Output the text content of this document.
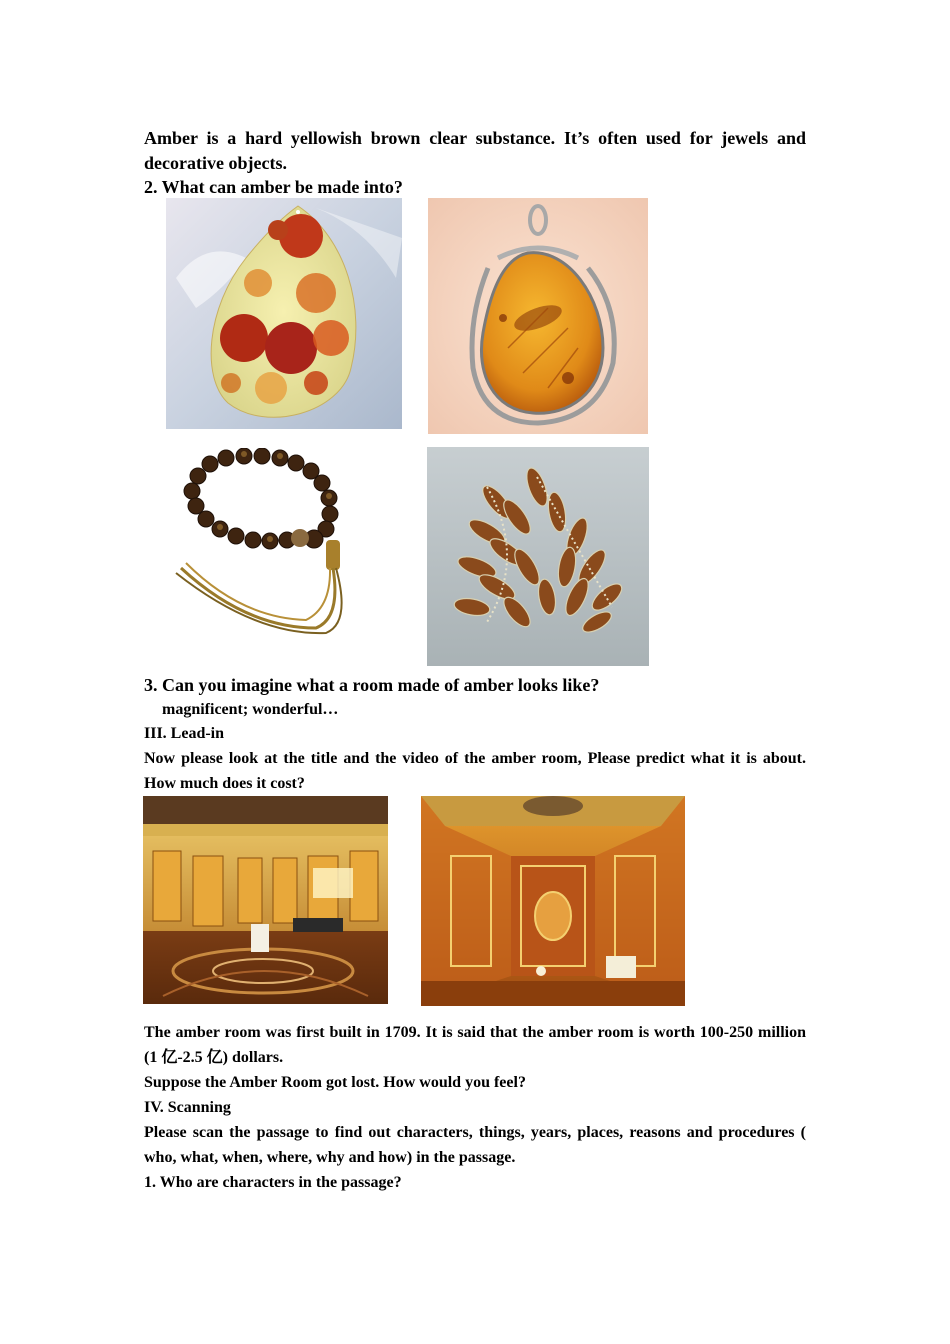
Amber is a hard yellowish brown clear substance. It’s often used for jewels and decorative objects.

2. What can amber be made into?

3. Can you imagine what a room made of amber looks like?

magnificent; wonderful…

III. Lead-in

Now please look at the title and the video of the amber room, Please predict what it is about. How much does it cost?

The amber room was first built in 1709. It is said that the amber room is worth 100-250 million (1 亿-2.5 亿) dollars.

Suppose the Amber Room got lost. How would you feel?

IV. Scanning

Please scan the passage to find out characters, things, years, places, reasons and procedures ( who, what, when, where, why and how) in the passage.

1. Who are characters in the passage?
